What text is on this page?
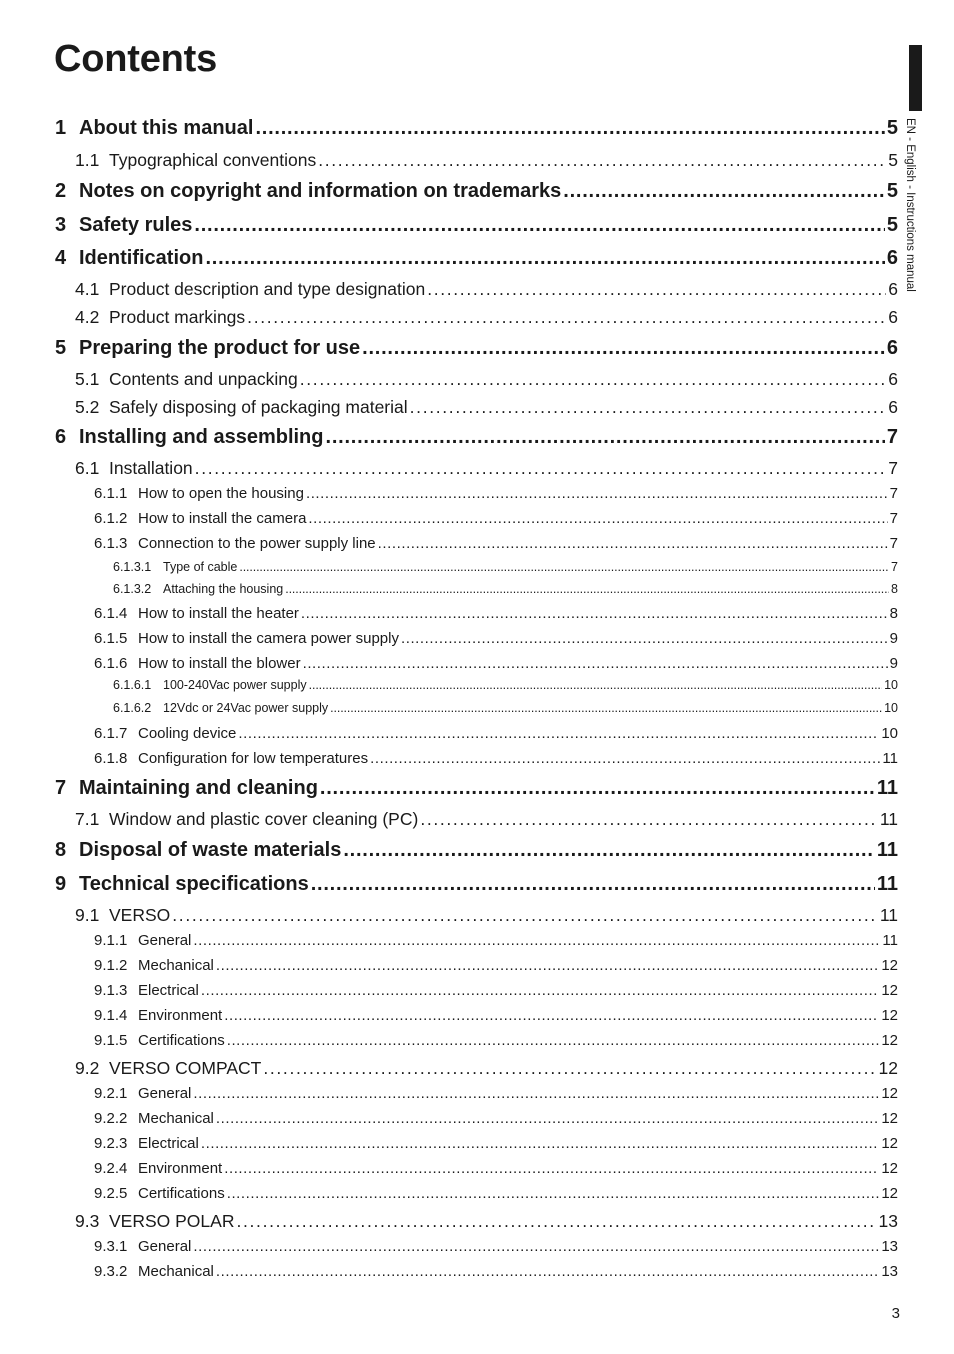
Contents
EN - English - Instructions manual
1 About this manual . . .	5
1.1 Typographical conventions . . .	5
2 Notes on copyright and information on trademarks . . .	5
3 Safety rules . . .	5
4 Identification . . .	6
4.1 Product description and type designation . . .	6
4.2 Product markings . . .	6
5 Preparing the product for use . . .	6
5.1 Contents and unpacking . . .	6
5.2 Safely disposing of packaging material . . .	6
6 Installing and assembling . . .	7
6.1 Installation . . .	7
6.1.1 How to open the housing . . .	7
6.1.2 How to install the camera . . .	7
6.1.3 Connection to the power supply line . . .	7
6.1.3.1 Type of cable . . .	7
6.1.3.2 Attaching the housing . . .	8
6.1.4 How to install the heater . . .	8
6.1.5 How to install the camera power supply . . .	9
6.1.6 How to install the blower . . .	9
6.1.6.1 100-240Vac power supply . . .	10
6.1.6.2 12Vdc or 24Vac power supply . . .	10
6.1.7 Cooling device . . .	10
6.1.8 Configuration for low temperatures . . .	11
7 Maintaining and cleaning . . .	11
7.1 Window and plastic cover cleaning (PC) . . .	11
8 Disposal of waste materials . . .	11
9 Technical specifications . . .	11
9.1 VERSO . . .	11
9.1.1 General . . .	11
9.1.2 Mechanical . . .	12
9.1.3 Electrical . . .	12
9.1.4 Environment . . .	12
9.1.5 Certifications . . .	12
9.2 VERSO COMPACT . . .	12
9.2.1 General . . .	12
9.2.2 Mechanical . . .	12
9.2.3 Electrical . . .	12
9.2.4 Environment . . .	12
9.2.5 Certifications . . .	12
9.3 VERSO POLAR . . .	13
9.3.1 General . . .	13
9.3.2 Mechanical . . .	13
3
